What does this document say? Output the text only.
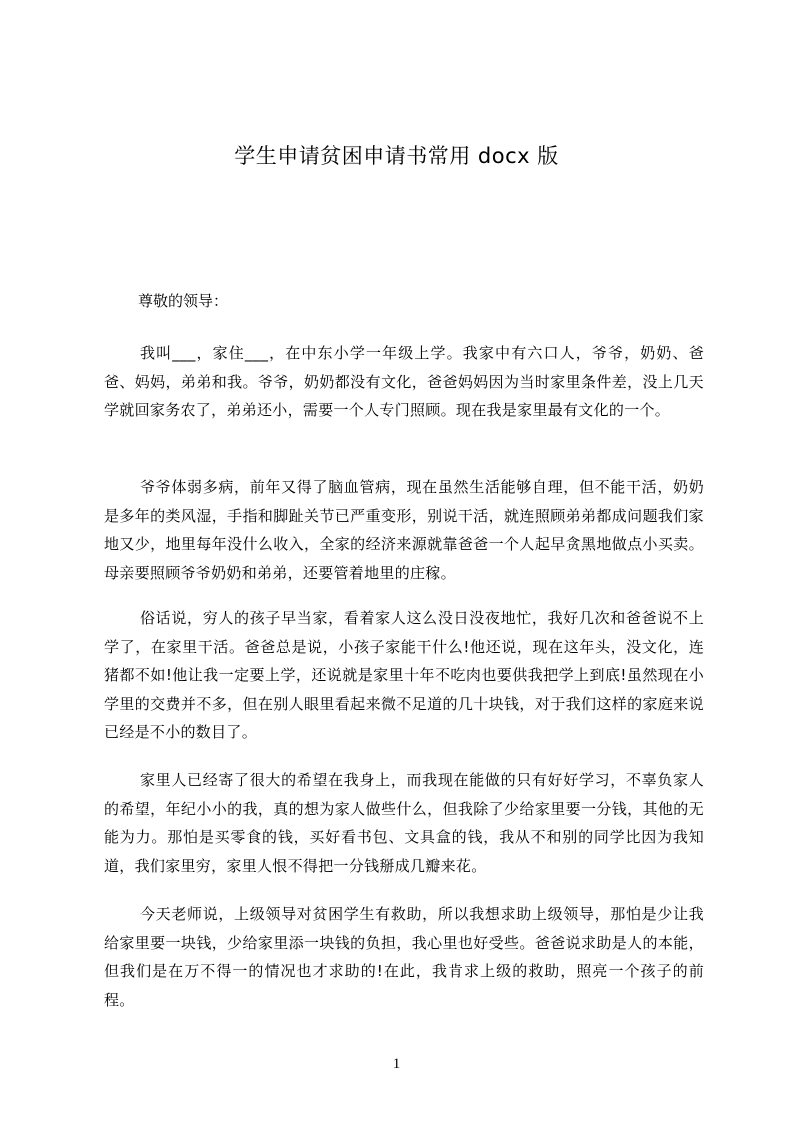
学生申请贫困申请书常用 docx 版
尊敬的领导：

我叫___，家住___，在中东小学一年级上学。我家中有六口人，爷爷，奶奶、爸爸、妈妈，弟弟和我。爷爷，奶奶都没有文化，爸爸妈妈因为当时家里条件差，没上几天学就回家务农了，弟弟还小，需要一个人专门照顾。现在我是家里最有文化的一个。

爷爷体弱多病，前年又得了脑血管病，现在虽然生活能够自理，但不能干活，奶奶是多年的类风湿，手指和脚趾关节已严重变形，别说干活，就连照顾弟弟都成问题我们家地又少，地里每年没什么收入，全家的经济来源就靠爸爸一个人起早贪黑地做点小买卖。母亲要照顾爷爷奶奶和弟弟，还要管着地里的庄稼。

俗话说，穷人的孩子早当家，看着家人这么没日没夜地忙，我好几次和爸爸说不上学了，在家里干活。爸爸总是说，小孩子家能干什么!他还说，现在这年头，没文化，连猪都不如!他让我一定要上学，还说就是家里十年不吃肉也要供我把学上到底!虽然现在小学里的交费并不多，但在别人眼里看起来微不足道的几十块钱，对于我们这样的家庭来说已经是不小的数目了。

家里人已经寄了很大的希望在我身上，而我现在能做的只有好好学习，不辜负家人的希望，年纪小小的我，真的想为家人做些什么，但我除了少给家里要一分钱，其他的无能为力。那怕是买零食的钱，买好看书包、文具盒的钱，我从不和别的同学比因为我知道，我们家里穷，家里人恨不得把一分钱掰成几瓣来花。

今天老师说，上级领导对贫困学生有救助，所以我想求助上级领导，那怕是少让我给家里要一块钱，少给家里添一块钱的负担，我心里也好受些。爸爸说求助是人的本能，但我们是在万不得一的情况也才求助的!在此，我肯求上级的救助，照亮一个孩子的前程。

1
